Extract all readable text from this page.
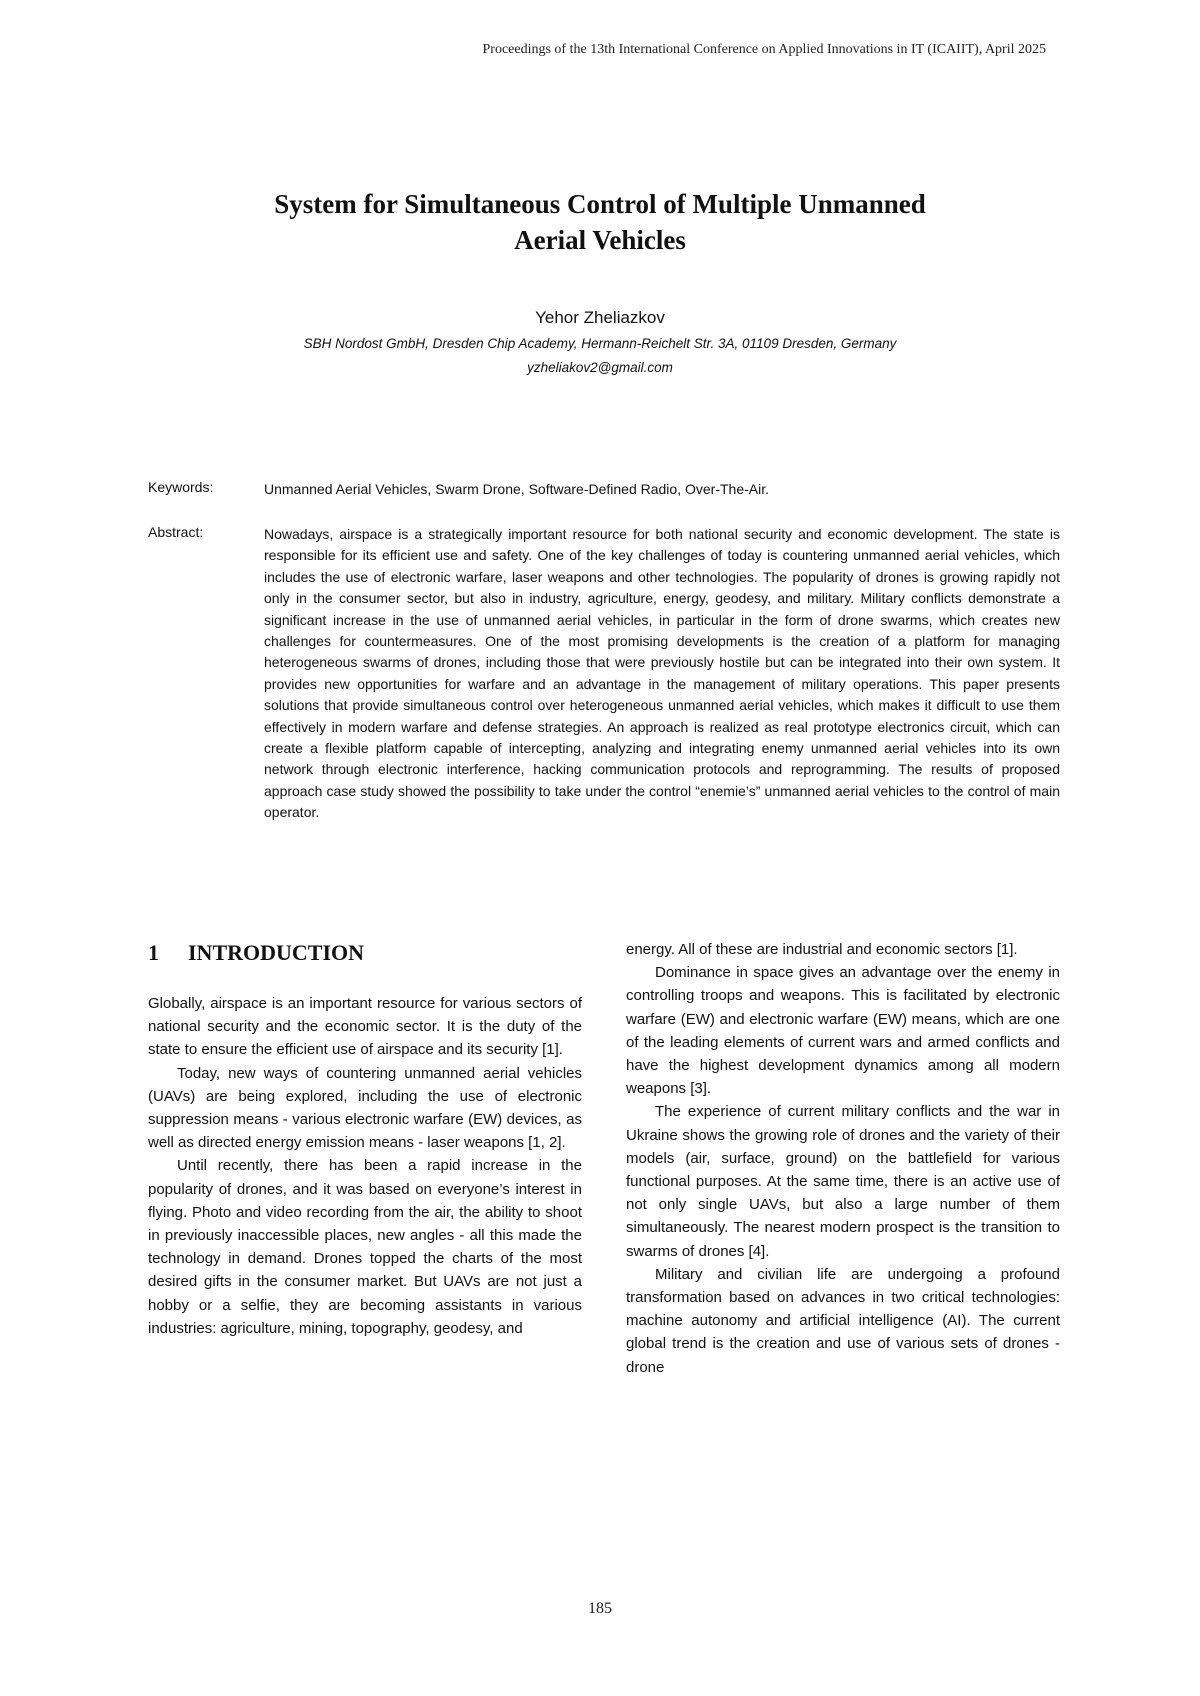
Proceedings of the 13th International Conference on Applied Innovations in IT (ICAIIT), April 2025
System for Simultaneous Control of Multiple Unmanned
Aerial Vehicles
Yehor Zheliazkov
SBH Nordost GmbH, Dresden Chip Academy, Hermann-Reichelt Str. 3A, 01109 Dresden, Germany
yzheliakov2@gmail.com
Keywords:	Unmanned Aerial Vehicles, Swarm Drone, Software-Defined Radio, Over-The-Air.
Abstract:	Nowadays, airspace is a strategically important resource for both national security and economic development. The state is responsible for its efficient use and safety. One of the key challenges of today is countering unmanned aerial vehicles, which includes the use of electronic warfare, laser weapons and other technologies. The popularity of drones is growing rapidly not only in the consumer sector, but also in industry, agriculture, energy, geodesy, and military. Military conflicts demonstrate a significant increase in the use of unmanned aerial vehicles, in particular in the form of drone swarms, which creates new challenges for countermeasures. One of the most promising developments is the creation of a platform for managing heterogeneous swarms of drones, including those that were previously hostile but can be integrated into their own system. It provides new opportunities for warfare and an advantage in the management of military operations. This paper presents solutions that provide simultaneous control over heterogeneous unmanned aerial vehicles, which makes it difficult to use them effectively in modern warfare and defense strategies. An approach is realized as real prototype electronics circuit, which can create a flexible platform capable of intercepting, analyzing and integrating enemy unmanned aerial vehicles into its own network through electronic interference, hacking communication protocols and reprogramming. The results of proposed approach case study showed the possibility to take under the control “enemie’s” unmanned aerial vehicles to the control of main operator.
1 INTRODUCTION

Globally, airspace is an important resource for various sectors of national security and the economic sector. It is the duty of the state to ensure the efficient use of airspace and its security [1].

Today, new ways of countering unmanned aerial vehicles (UAVs) are being explored, including the use of electronic suppression means - various electronic warfare (EW) devices, as well as directed energy emission means - laser weapons [1, 2].

Until recently, there has been a rapid increase in the popularity of drones, and it was based on everyone’s interest in flying. Photo and video recording from the air, the ability to shoot in previously inaccessible places, new angles - all this made the technology in demand. Drones topped the charts of the most desired gifts in the consumer market. But UAVs are not just a hobby or a selfie, they are becoming assistants in various industries: agriculture, mining, topography, geodesy, and

energy. All of these are industrial and economic sectors [1].

Dominance in space gives an advantage over the enemy in controlling troops and weapons. This is facilitated by electronic warfare (EW) and electronic warfare (EW) means, which are one of the leading elements of current wars and armed conflicts and have the highest development dynamics among all modern weapons [3].

The experience of current military conflicts and the war in Ukraine shows the growing role of drones and the variety of their models (air, surface, ground) on the battlefield for various functional purposes. At the same time, there is an active use of not only single UAVs, but also a large number of them simultaneously. The nearest modern prospect is the transition to swarms of drones [4].

Military and civilian life are undergoing a profound transformation based on advances in two critical technologies: machine autonomy and artificial intelligence (AI). The current global trend is the creation and use of various sets of drones - drone

185
